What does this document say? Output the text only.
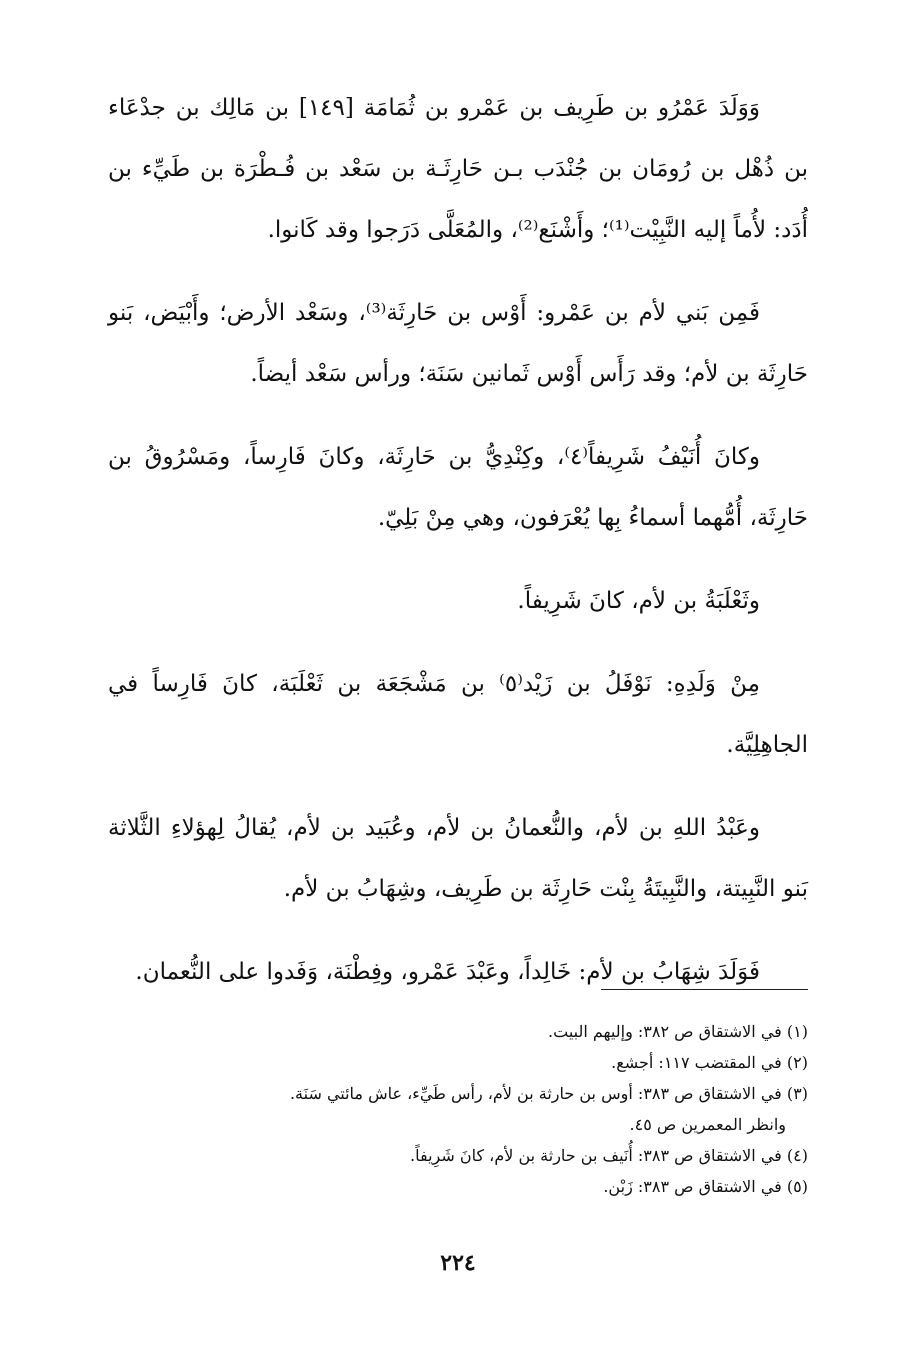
وَوَلَدَ عَمْرُو بن طَرِيف بن عَمْرو بن ثُمَامَة [١٤٩] بن مَالِك بن جدْعَاء بن ذُهْل بن رُومَان بن جُنْدَب بـن حَارِثَـة بن سَعْد بن فُـطْرَة بن طَيِّء بن أُدَد: لأُماً إليه النَّبِيْت⁽¹⁾؛ وأَشْنَع⁽²⁾، والمُعَلَّى دَرَجوا وقد كَانوا.

فَمِن بَني لأم بن عَمْرو: أَوْس بن حَارِثَة⁽³⁾، وسَعْد الأرض؛ وأَبْيَض، بَنو حَارِثَة بن لأم؛ وقد رَأَس أَوْس ثَمانين سَنَة؛ ورأس سَعْد أيضاً.

وكانَ أُنَيْفُ شَرِيفاً⁽٤⁾، وكِنْدِيُّ بن حَارِثَة، وكانَ فَارِساً، ومَسْرُوقُ بن حَارِثَة، أُمُّهما أسماءُ بِها يُعْرَفون، وهي مِنْ بَلِيّ.

وثَعْلَبَةُ بن لأم، كانَ شَرِيفاً.

مِنْ وَلَدِهِ: نَوْفَلُ بن زَيْد⁽٥⁾ بن مَشْجَعَة بن ثَعْلَبَة، كانَ فَارِساً في الجاهِلِيَّة.

وعَبْدُ اللهِ بن لأم، والنُّعمانُ بن لأم، وعُبَيد بن لأم، يُقالُ لِهؤلاءِ الثَّلاثة بَنو النَّبِيتة، والنَّبِيتَةُ بِنْت حَارِثَة بن طَرِيف، وشِهَابُ بن لأم.

فَوَلَدَ شِهَابُ بن لأم: خَالِداً، وعَبْدَ عَمْرو، وفِطْنَة، وَفَدوا على النُّعمان.

(١) في الاشتقاق ص ٣٨٢: وإليهم البيت.

(٢) في المقتضب ١١٧: أجشع.

(٣) في الاشتقاق ص ٣٨٣: أوس بن حارثة بن لأم، رأس طَيِّء، عاش مائتي سَنَة.

وانظر المعمرين ص ٤٥.

(٤) في الاشتقاق ص ٣٨٣: أُنَيف بن حارثة بن لأم، كانَ شَرِيفاً.

(٥) في الاشتقاق ص ٣٨٣: زَبْن.

٢٢٤
